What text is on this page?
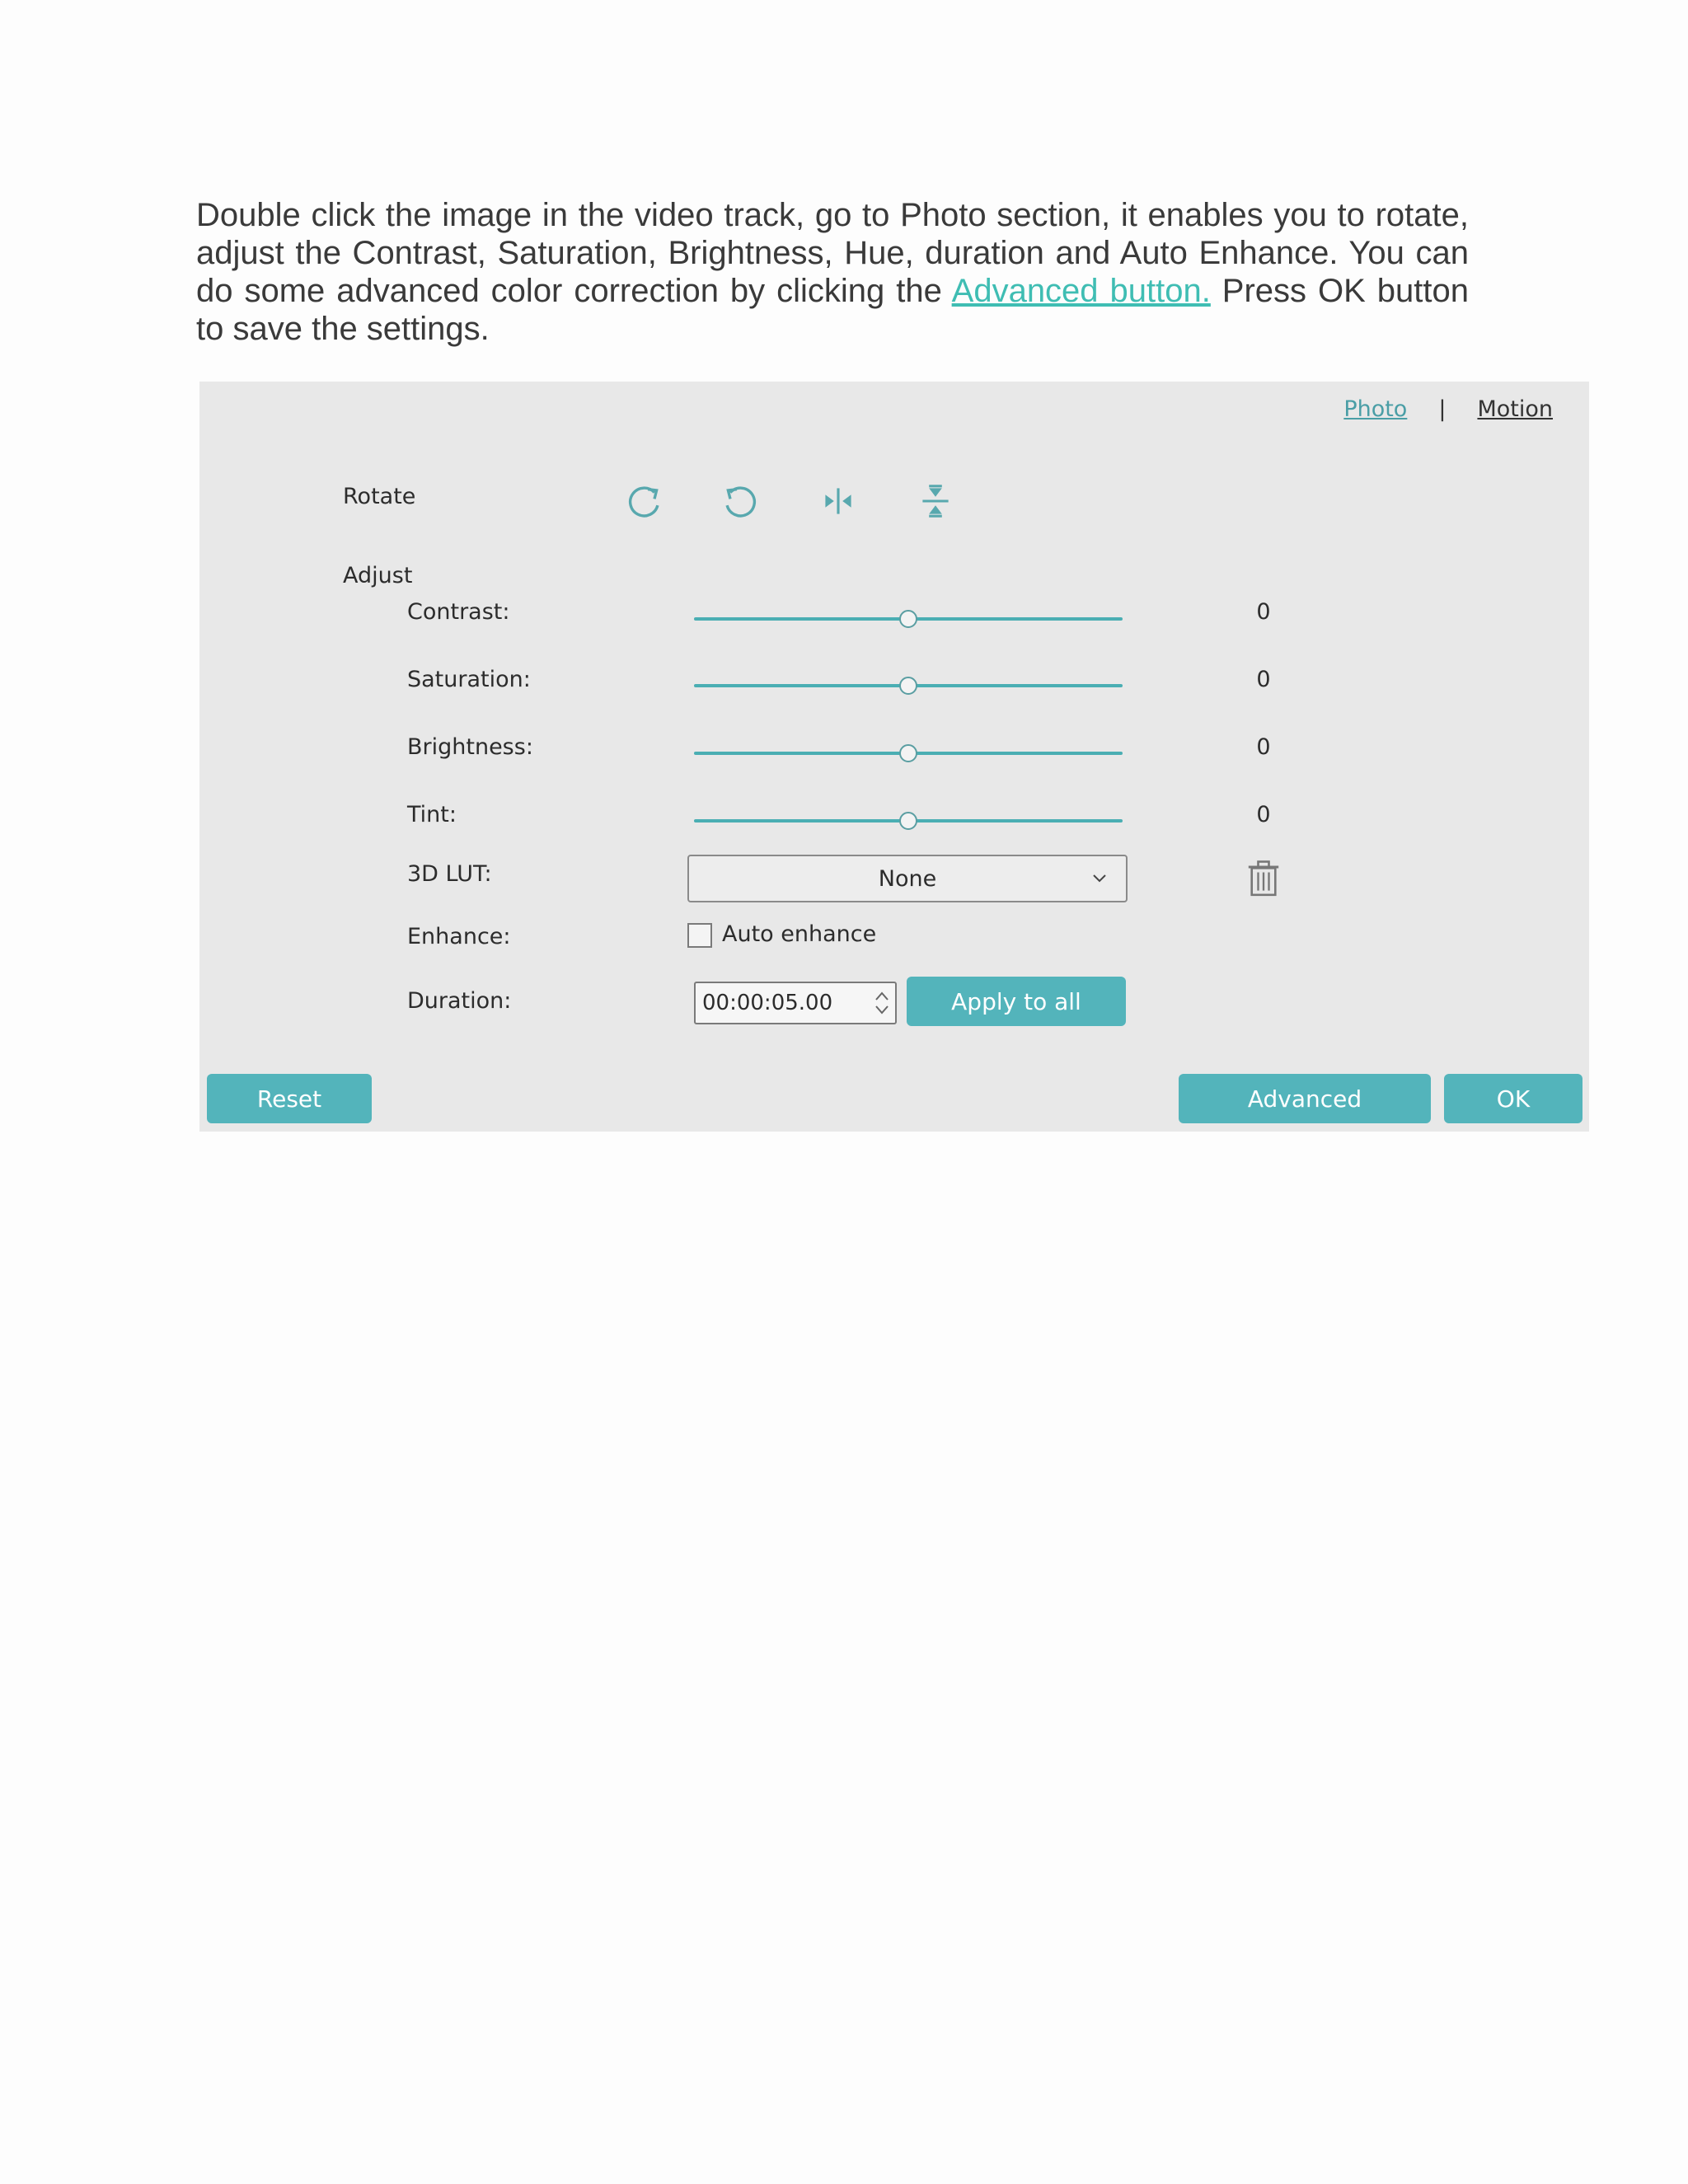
Double click the image in the video track, go to Photo section, it enables you to rotate, adjust the Contrast, Saturation, Brightness, Hue, duration and Auto Enhance. You can do some advanced color correction by clicking the Advanced button. Press OK button to save the settings.

Photo | Motion
Rotate
Adjust
Contrast:	0
Saturation:	0
Brightness:	0
Tint:	0
3D LUT:	None
Enhance:	Auto enhance
Duration:	00:00:05.00	Apply to all
Reset	Advanced	OK
